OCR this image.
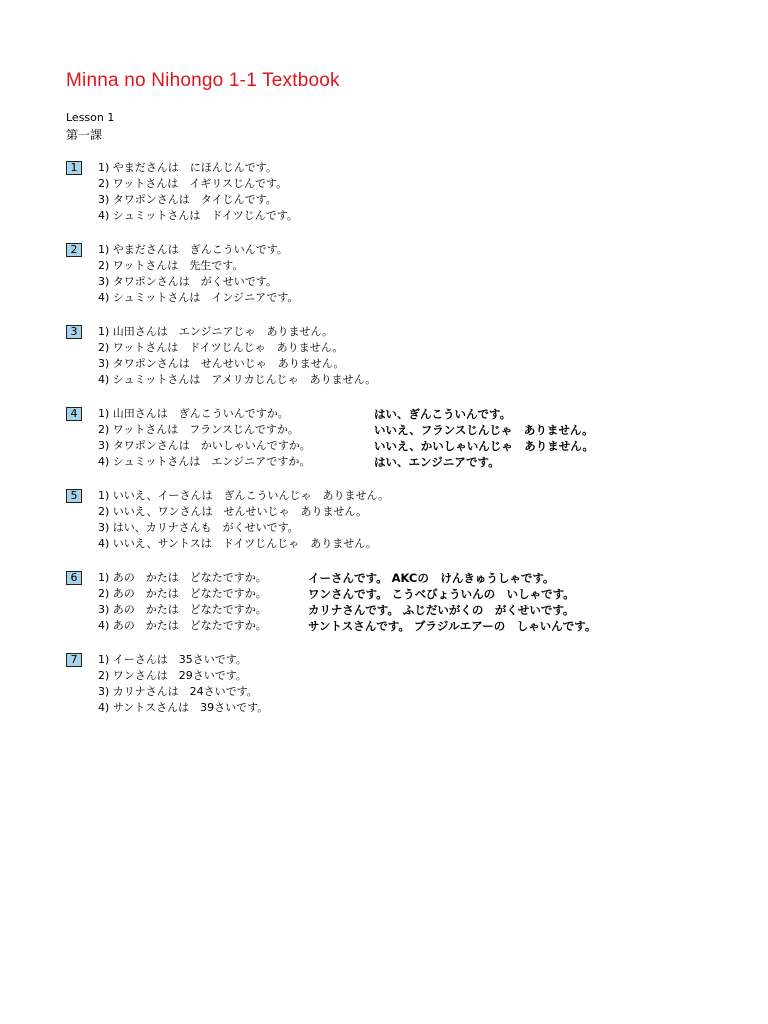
Minna no Nihongo 1-1 Textbook
Lesson 1
第一課
1	1) やまださんは　にほんじんです。
2) ワットさんは　イギリスじんです。
3) タワポンさんは　タイじんです。
4) シュミットさんは　ドイツじんです。
2	1) やまださんは　ぎんこういんです。
2) ワットさんは　先生です。
3) タワポンさんは　がくせいです。
4) シュミットさんは　インジニアです。
3	1) 山田さんは　エンジニアじゃ　ありません。
2) ワットさんは　ドイツじんじゃ　ありません。
3) タワポンさんは　せんせいじゃ　ありません。
4) シュミットさんは　アメリカじんじゃ　ありません。
4	1) 山田さんは　ぎんこういんですか。	はい、ぎんこういんです。
2) ワットさんは　フランスじんですか。	いいえ、フランスじんじゃ　ありません。
3) タワポンさんは　かいしゃいんですか。	いいえ、かいしゃいんじゃ　ありません。
4) シュミットさんは　エンジニアですか。	はい、エンジニアです。
5	1) いいえ、イーさんは　ぎんこういんじゃ　ありません。
2) いいえ、ワンさんは　せんせいじゃ　ありません。
3) はい、カリナさんも　がくせいです。
4) いいえ、サントスは　ドイツじんじゃ　ありません。
6	1) あの　かたは　どなたですか。	イーさんです。 AKCの　けんきゅうしゃです。
2) あの　かたは　どなたですか。	ワンさんです。 こうべびょういんの　いしゃです。
3) あの　かたは　どなたですか。	カリナさんです。 ふじだいがくの　がくせいです。
4) あの　かたは　どなたですか。	サントスさんです。 ブラジルエアーの　しゃいんです。
7	1) イーさんは　35さいです。
2) ワンさんは　29さいです。
3) カリナさんは　24さいです。
4) サントスさんは　39さいです。
